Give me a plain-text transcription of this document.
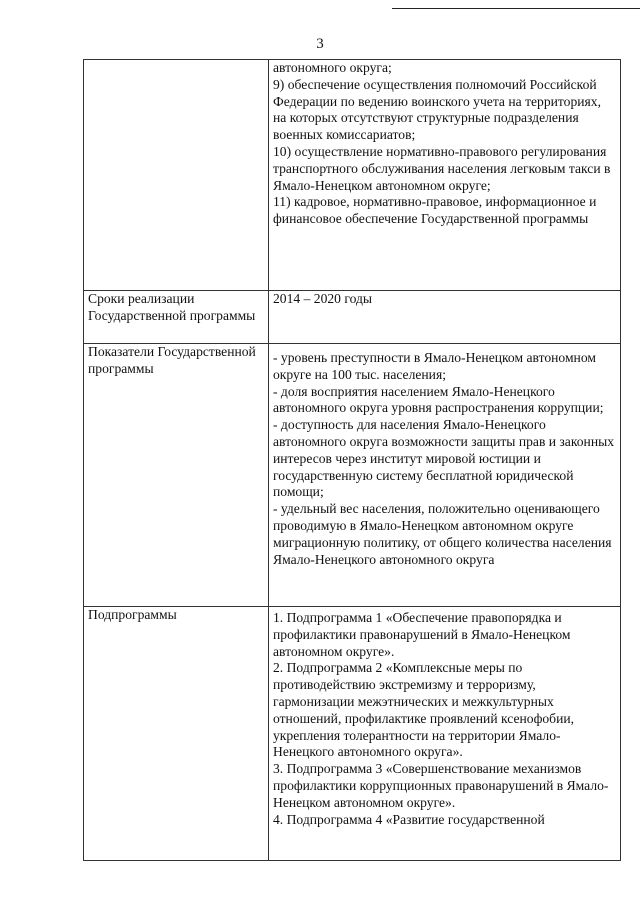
3
	автономного округа;
9) обеспечение осуществления полномочий Российской Федерации по ведению воинского учета на территориях, на которых отсутствуют структурные подразделения военных комиссариатов;
10) осуществление нормативно-правового регулирования транспортного обслуживания населения легковым такси в Ямало-Ненецком автономном округе;
11) кадровое, нормативно-правовое, информационное и финансовое обеспечение Государственной программы
Сроки реализации Государственной программы	2014 – 2020 годы
Показатели Государственной программы	- уровень преступности в Ямало-Ненецком автономном округе на 100 тыс. населения;
- доля восприятия населением Ямало-Ненецкого автономного округа уровня распространения коррупции;
- доступность для населения Ямало-Ненецкого автономного округа возможности защиты прав и законных интересов через институт мировой юстиции и государственную систему бесплатной юридической помощи;
- удельный вес населения, положительно оценивающего проводимую в Ямало-Ненецком автономном округе миграционную политику, от общего количества населения Ямало-Ненецкого автономного округа
Подпрограммы	1. Подпрограмма 1 «Обеспечение правопорядка и профилактики правонарушений в Ямало-Ненецком автономном округе».
2. Подпрограмма 2 «Комплексные меры по противодействию экстремизму и терроризму, гармонизации межэтнических и межкультурных отношений, профилактике проявлений ксенофобии, укрепления толерантности на территории Ямало-Ненецкого автономного округа».
3. Подпрограмма 3 «Совершенствование механизмов профилактики коррупционных правонарушений в Ямало-Ненецком автономном округе».
4. Подпрограмма 4 «Развитие государственной
